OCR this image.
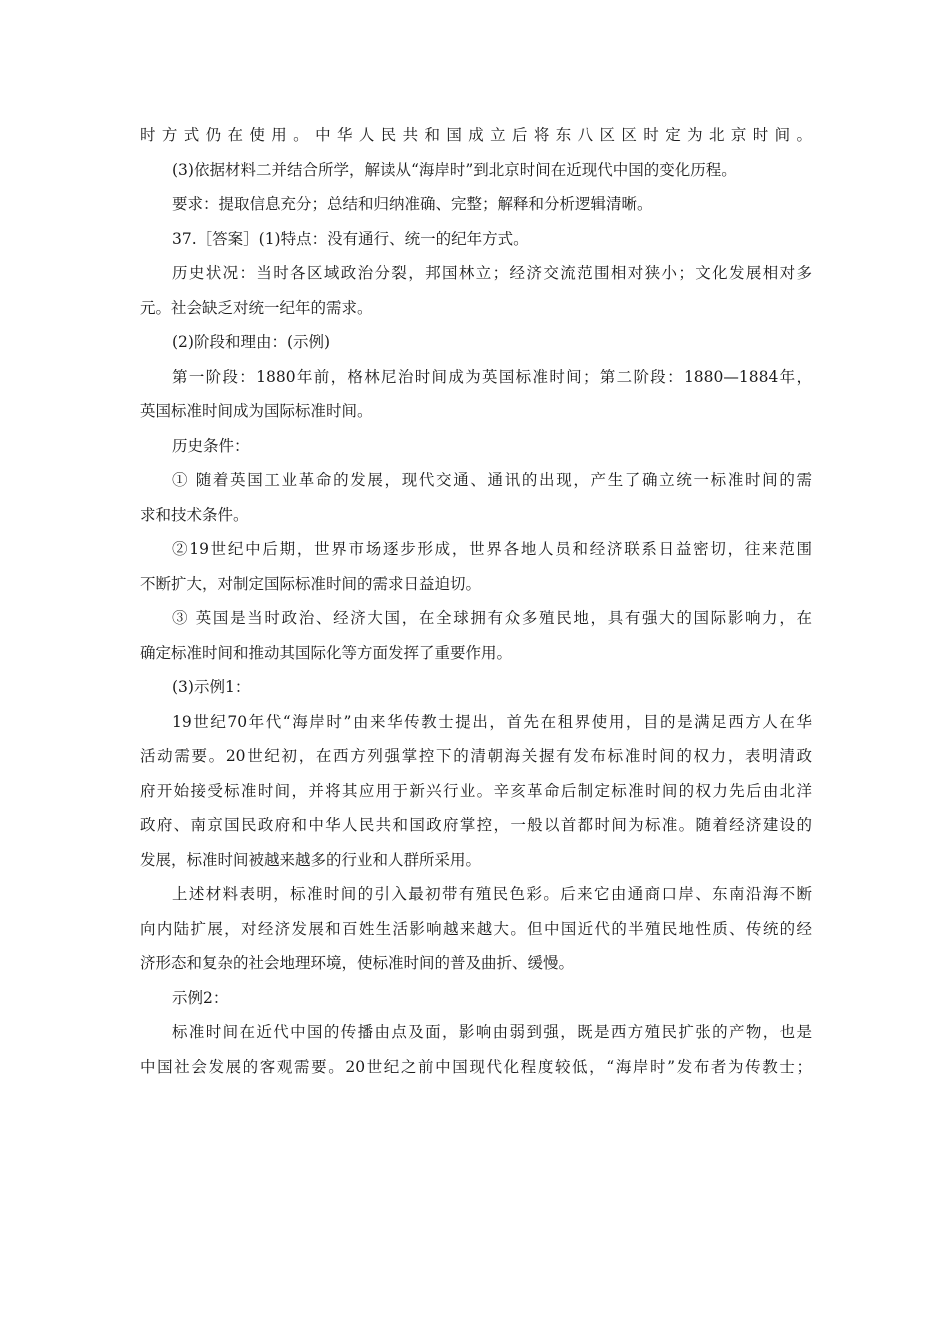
时方式仍在使用。中华人民共和国成立后将东八区区时定为北京时间。
(3)依据材料二并结合所学，解读从“海岸时”到北京时间在近现代中国的变化历程。
要求：提取信息充分；总结和归纳准确、完整；解释和分析逻辑清晰。
37.［答案］(1)特点：没有通行、统一的纪年方式。
历史状况：当时各区域政治分裂，邦国林立；经济交流范围相对狭小；文化发展相对多
元。社会缺乏对统一纪年的需求。
(2)阶段和理由：(示例)
第一阶段：1880年前，格林尼治时间成为英国标准时间；第二阶段：1880—1884年，
英国标准时间成为国际标准时间。
历史条件：
① 随着英国工业革命的发展，现代交通、通讯的出现，产生了确立统一标准时间的需
求和技术条件。
②19世纪中后期，世界市场逐步形成，世界各地人员和经济联系日益密切，往来范围
不断扩大，对制定国际标准时间的需求日益迫切。
③ 英国是当时政治、经济大国，在全球拥有众多殖民地，具有强大的国际影响力，在
确定标准时间和推动其国际化等方面发挥了重要作用。
(3)示例1：
19世纪70年代“海岸时”由来华传教士提出，首先在租界使用，目的是满足西方人在华
活动需要。20世纪初，在西方列强掌控下的清朝海关握有发布标准时间的权力，表明清政
府开始接受标准时间，并将其应用于新兴行业。辛亥革命后制定标准时间的权力先后由北洋
政府、南京国民政府和中华人民共和国政府掌控，一般以首都时间为标准。随着经济建设的
发展，标准时间被越来越多的行业和人群所采用。
上述材料表明，标准时间的引入最初带有殖民色彩。后来它由通商口岸、东南沿海不断
向内陆扩展，对经济发展和百姓生活影响越来越大。但中国近代的半殖民地性质、传统的经
济形态和复杂的社会地理环境，使标准时间的普及曲折、缓慢。
示例2：
标准时间在近代中国的传播由点及面，影响由弱到强，既是西方殖民扩张的产物，也是
中国社会发展的客观需要。20世纪之前中国现代化程度较低，“海岸时”发布者为传教士；
